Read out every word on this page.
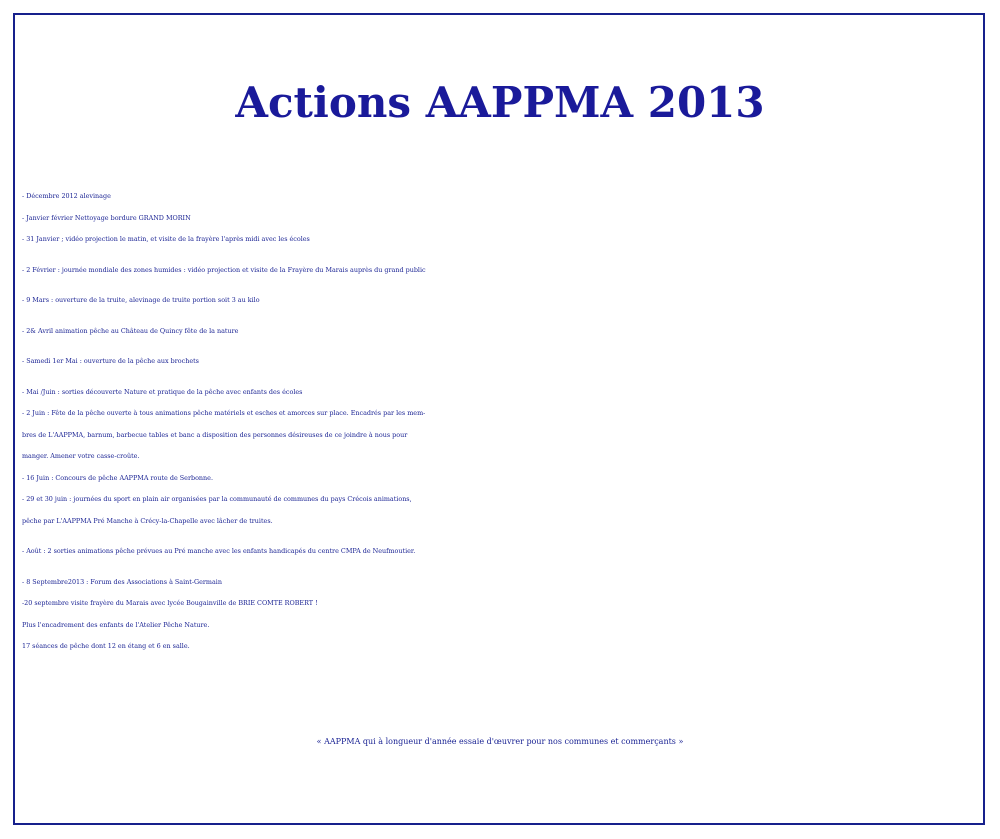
Actions AAPPMA 2013

- Décembre 2012 alevinage

- Janvier février Nettoyage bordure GRAND MORIN

- 31 Janvier ; vidéo projection le matin, et visite de la frayère l'après midi avec les écoles

- 2 Février : journée mondiale des zones humides : vidéo projection et visite de la Frayère du Marais auprès du grand public

- 9 Mars : ouverture de la truite, alevinage de truite portion soit 3 au kilo

- 2& Avril animation pêche au Château de Quincy fête de la nature

- Samedi 1er Mai : ouverture de la pêche aux brochets

- Mai /Juin : sorties découverte Nature et pratique de la pêche avec enfants des écoles

- 2 Juin : Fête de la pêche ouverte à tous animations pêche matériels et esches et amorces sur place. Encadrés par les mem-

bres de L'AAPPMA, barnum, barbecue tables et banc a disposition des personnes désireuses de ce joindre à nous pour

manger. Amener votre casse-croûte.

- 16 Juin : Concours de pêche AAPPMA route de Serbonne.

- 29 et 30 juin : journées du sport en plain air organisées par la communauté de communes du pays Crécois animations,

pêche par L'AAPPMA Pré Manche à Crécy-la-Chapelle avec lâcher de truites.

- Août : 2 sorties animations pêche prévues au Pré manche avec les enfants handicapés du centre CMPA de Neufmoutier.

- 8 Septembre2013 : Forum des Associations à Saint-Germain

-20 septembre visite frayère du Marais avec lycée Bougainville de BRIE COMTE ROBERT !

Plus l'encadrement des enfants de l'Atelier Pêche Nature.

17 séances de pêche dont 12 en étang et 6 en salle.

« AAPPMA qui à longueur d'année essaie d'œuvrer pour nos communes et commerçants »
